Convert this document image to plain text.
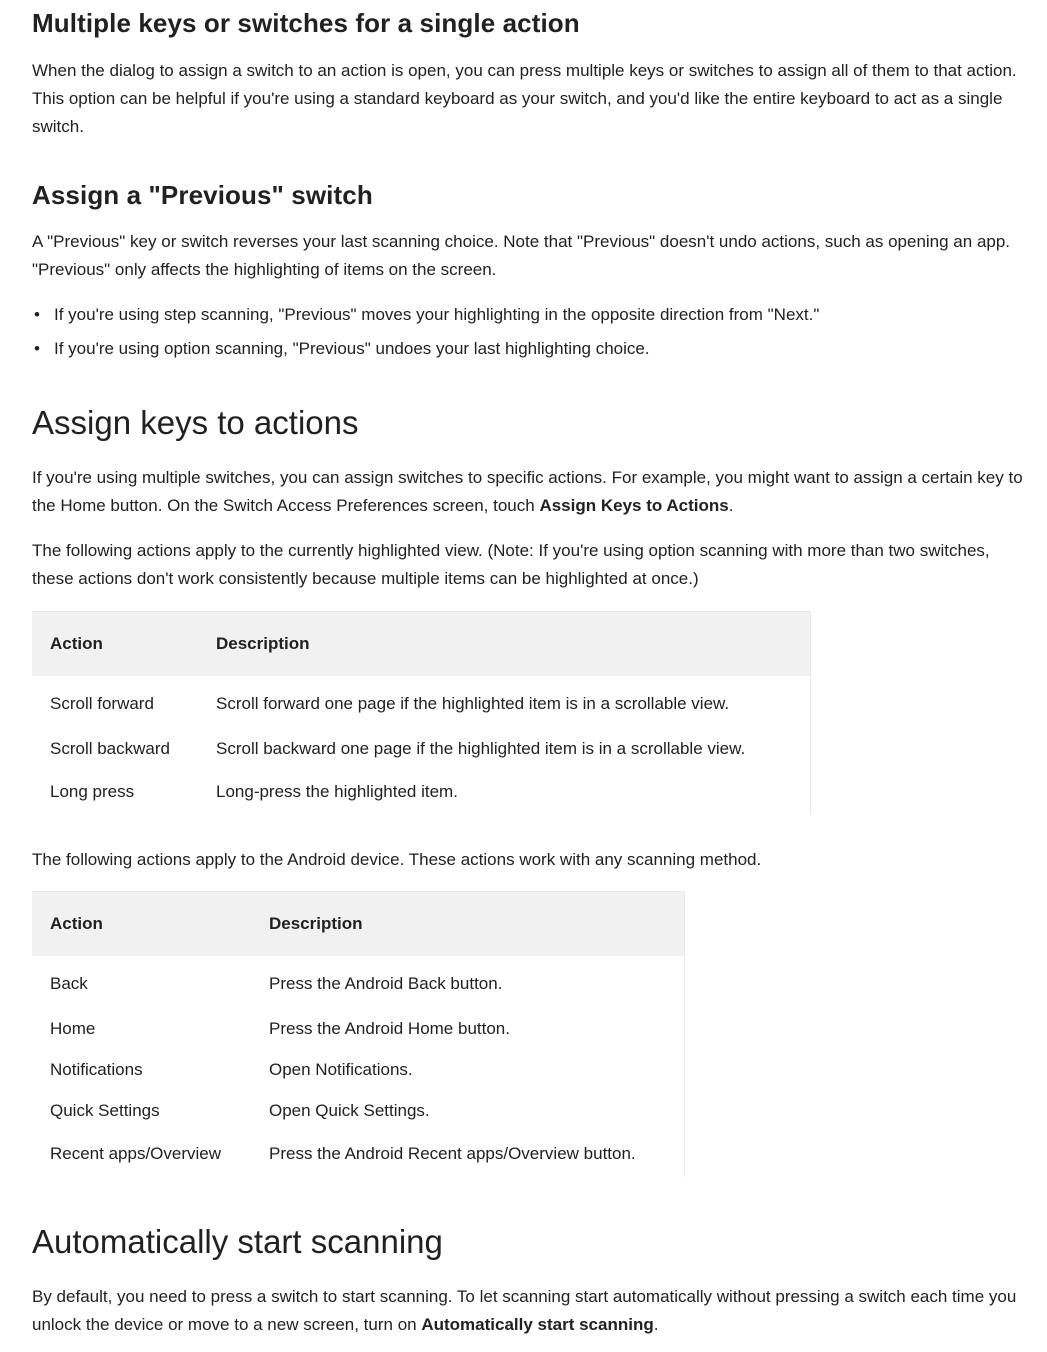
Multiple keys or switches for a single action

When the dialog to assign a switch to an action is open, you can press multiple keys or switches to assign all of them to that action. This option can be helpful if you're using a standard keyboard as your switch, and you'd like the entire keyboard to act as a single switch.

Assign a "Previous" switch

A "Previous" key or switch reverses your last scanning choice. Note that "Previous" doesn't undo actions, such as opening an app. "Previous" only affects the highlighting of items on the screen.

• If you're using step scanning, "Previous" moves your highlighting in the opposite direction from "Next."
• If you're using option scanning, "Previous" undoes your last highlighting choice.
Assign keys to actions

If you're using multiple switches, you can assign switches to specific actions. For example, you might want to assign a certain key to the Home button. On the Switch Access Preferences screen, touch Assign Keys to Actions.

The following actions apply to the currently highlighted view. (Note: If you're using option scanning with more than two switches, these actions don't work consistently because multiple items can be highlighted at once.)

Action	Description
Scroll forward	Scroll forward one page if the highlighted item is in a scrollable view.
Scroll backward	Scroll backward one page if the highlighted item is in a scrollable view.
Long press	Long-press the highlighted item.

The following actions apply to the Android device. These actions work with any scanning method.

Action	Description
Back	Press the Android Back button.
Home	Press the Android Home button.
Notifications	Open Notifications.
Quick Settings	Open Quick Settings.
Recent apps/Overview	Press the Android Recent apps/Overview button.
Automatically start scanning

By default, you need to press a switch to start scanning. To let scanning start automatically without pressing a switch each time you unlock the device or move to a new screen, turn on Automatically start scanning.
